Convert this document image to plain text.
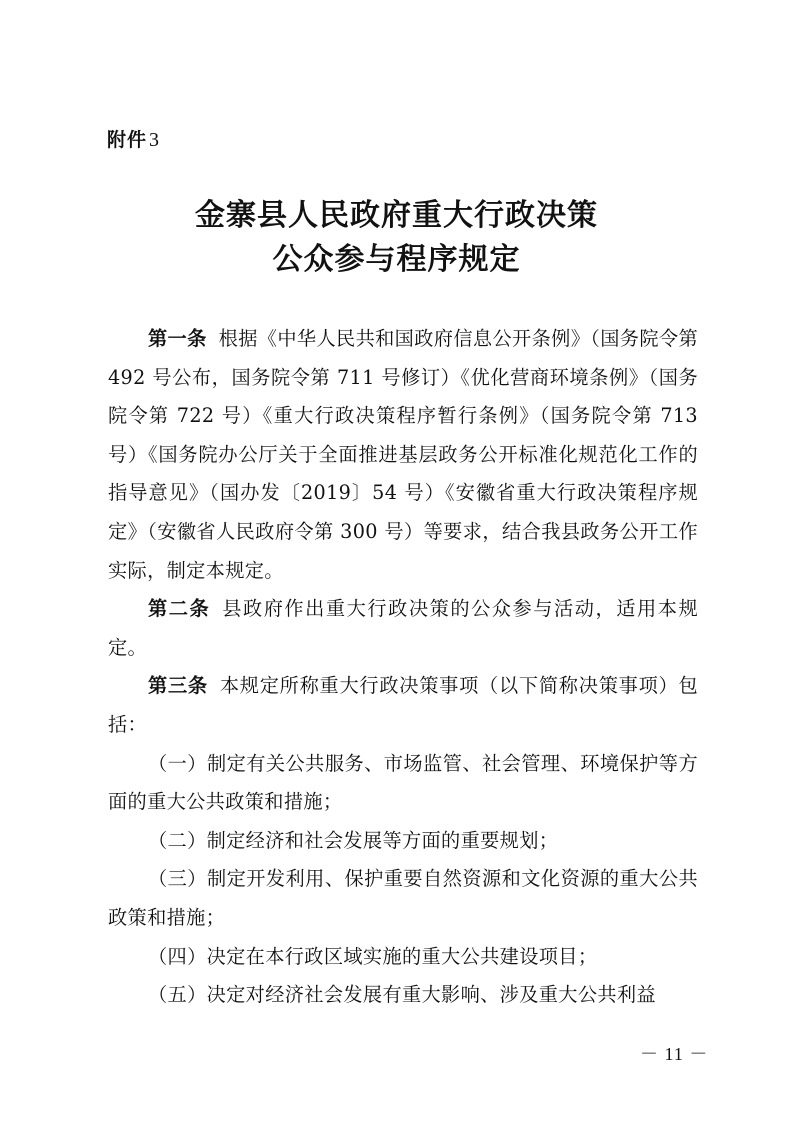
附件 3
金寨县人民政府重大行政决策
公众参与程序规定

第一条 根据《中华人民共和国政府信息公开条例》（国务院令第 492 号公布，国务院令第 711 号修订）《优化营商环境条例》（国务院令第 722 号）《重大行政决策程序暂行条例》（国务院令第 713 号）《国务院办公厅关于全面推进基层政务公开标准化规范化工作的指导意见》（国办发〔2019〕54 号）《安徽省重大行政决策程序规定》（安徽省人民政府令第 300 号）等要求，结合我县政务公开工作实际，制定本规定。

第二条 县政府作出重大行政决策的公众参与活动，适用本规定。

第三条 本规定所称重大行政决策事项（以下简称决策事项）包括：

（一）制定有关公共服务、市场监管、社会管理、环境保护等方面的重大公共政策和措施；

（二）制定经济和社会发展等方面的重要规划；

（三）制定开发利用、保护重要自然资源和文化资源的重大公共政策和措施；

（四）决定在本行政区域实施的重大公共建设项目；

（五）决定对经济社会发展有重大影响、涉及重大公共利益

－ 11 －
